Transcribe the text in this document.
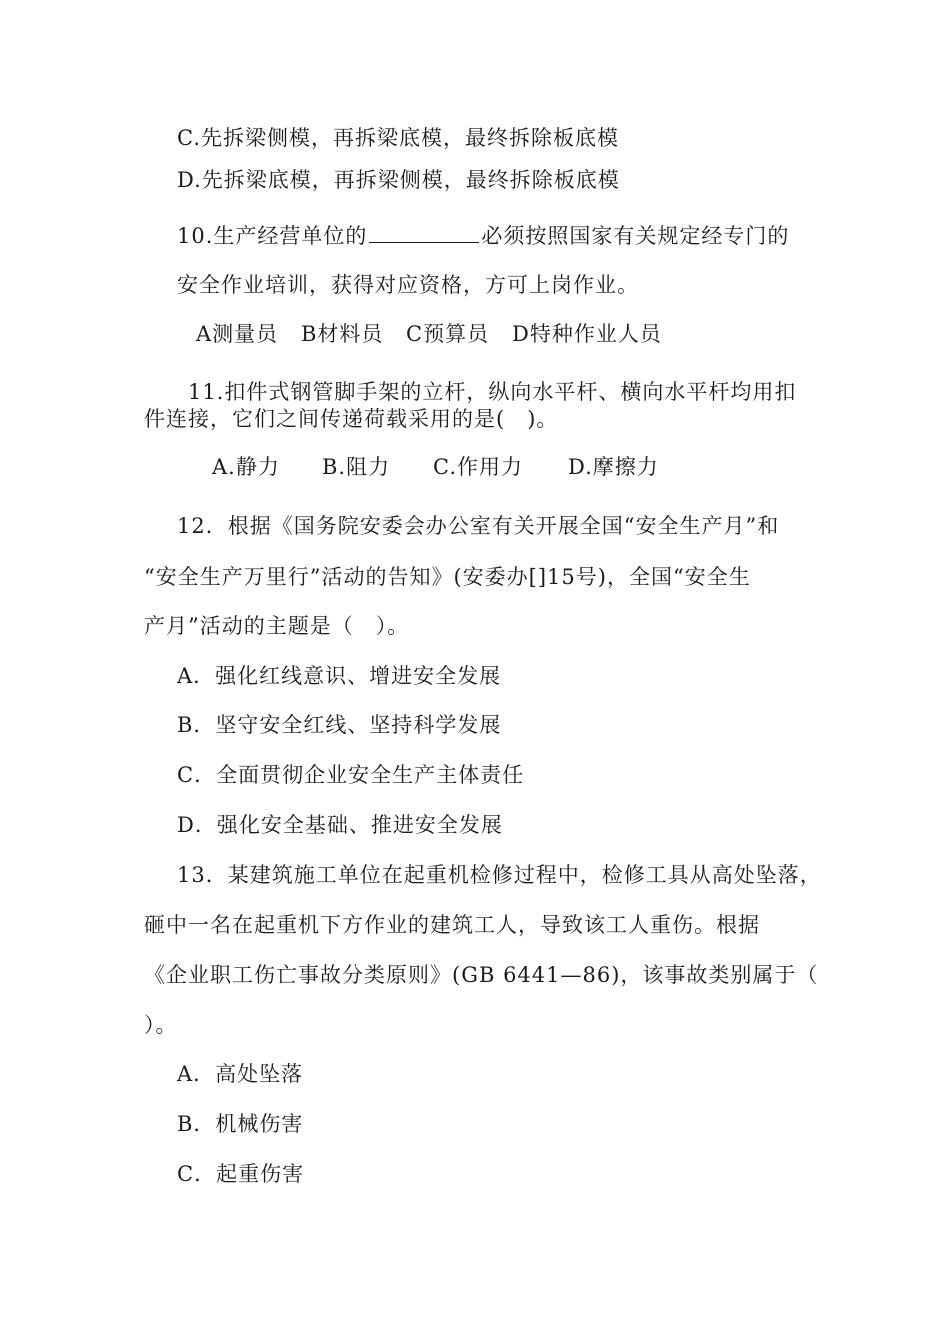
C.先拆梁侧模，再拆梁底模，最终拆除板底模
D.先拆梁底模，再拆梁侧模，最终拆除板底模
10.生产经营单位的	必须按照国家有关规定经专门的
安全作业培训，获得对应资格，方可上岗作业。
A测量员 B材料员 C预算员 D特种作业人员
11.扣件式钢管脚手架的立杆，纵向水平杆、横向水平杆均用扣
件连接，它们之间传递荷载采用的是(　)。
A.静力 B.阻力 C.作用力 D.摩擦力
12．根据《国务院安委会办公室有关开展全国“安全生产月”和
“安全生产万里行”活动的告知》(安委办[]15号)，全国“安全生
产月”活动的主题是（　）。
A．强化红线意识、增进安全发展
B．坚守安全红线、坚持科学发展
C．全面贯彻企业安全生产主体责任
D．强化安全基础、推进安全发展
13．某建筑施工单位在起重机检修过程中，检修工具从高处坠落，
砸中一名在起重机下方作业的建筑工人，导致该工人重伤。根据
《企业职工伤亡事故分类原则》(GB 6441—86)，该事故类别属于（
）。
A．高处坠落
B．机械伤害
C．起重伤害
